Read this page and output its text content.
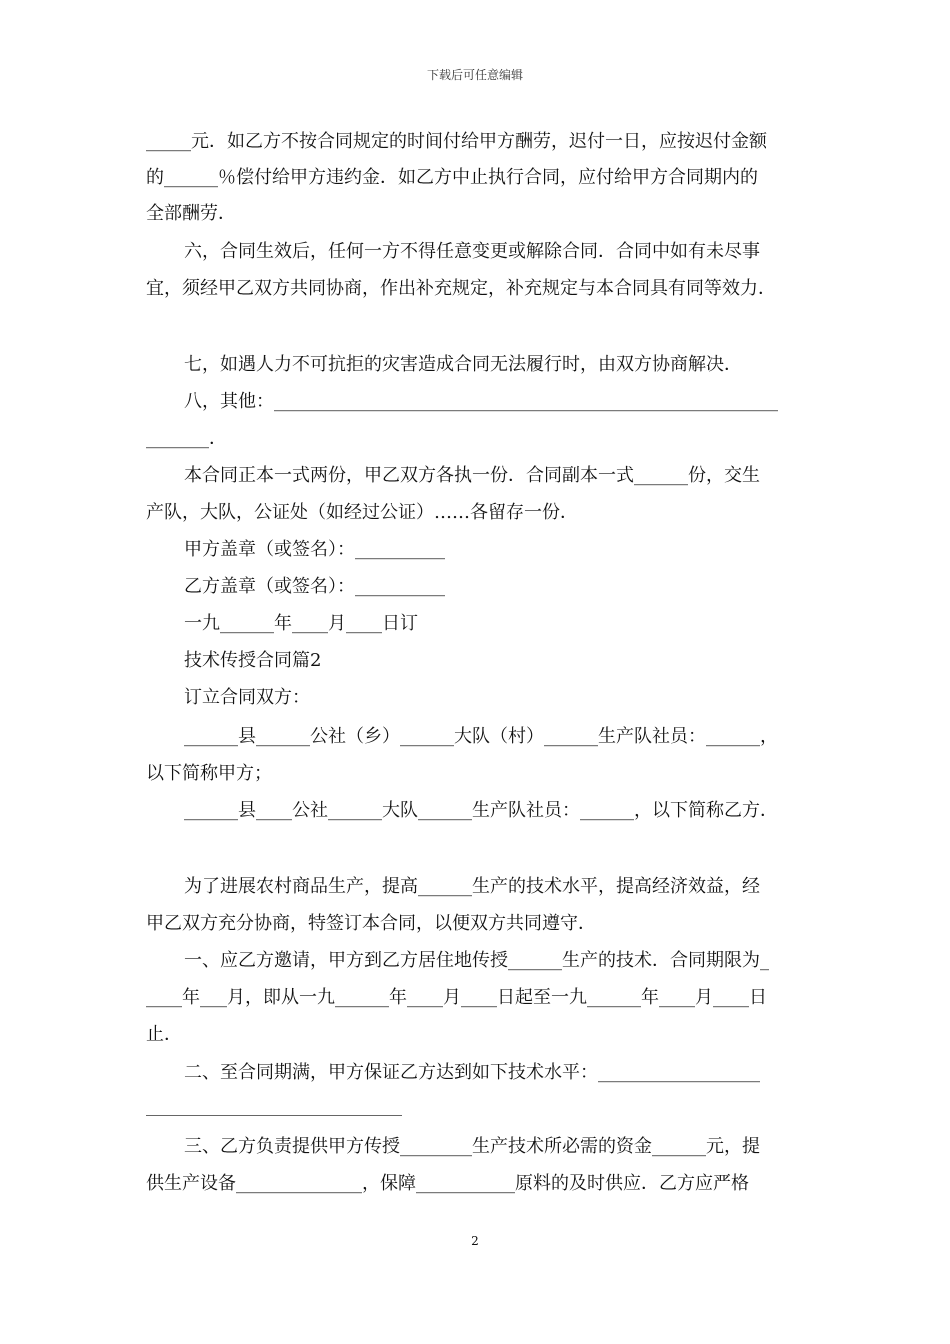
下载后可任意编辑
_____元．如乙方不按合同规定的时间付给甲方酬劳，迟付一日，应按迟付金额
的______％偿付给甲方违约金．如乙方中止执行合同，应付给甲方合同期内的
全部酬劳．
六，合同生效后，任何一方不得任意变更或解除合同．合同中如有未尽事
宜，须经甲乙双方共同协商，作出补充规定，补充规定与本合同具有同等效力．
七，如遇人力不可抗拒的灾害造成合同无法履行时，由双方协商解决．
八，其他：________________________________________________________
_______．
本合同正本一式两份，甲乙双方各执一份．合同副本一式______份，交生
产队，大队，公证处（如经过公证）……各留存一份．
甲方盖章（或签名）：__________
乙方盖章（或签名）：__________
一九______年____月____日订
技术传授合同篇2
订立合同双方：
______县______公社（乡）______大队（村）______生产队社员：______，
以下简称甲方；
______县____公社______大队______生产队社员：______，以下简称乙方．
为了进展农村商品生产，提高______生产的技术水平，提高经济效益，经
甲乙双方充分协商，特签订本合同，以便双方共同遵守．
一、应乙方邀请，甲方到乙方居住地传授______生产的技术．合同期限为_
____年___月，即从一九______年____月____日起至一九______年____月____日
止．
二、至合同期满，甲方保证乙方达到如下技术水平：__________________
三、乙方负责提供甲方传授________生产技术所必需的资金______元，提
供生产设备______________，保障___________原料的及时供应．乙方应严格
2
